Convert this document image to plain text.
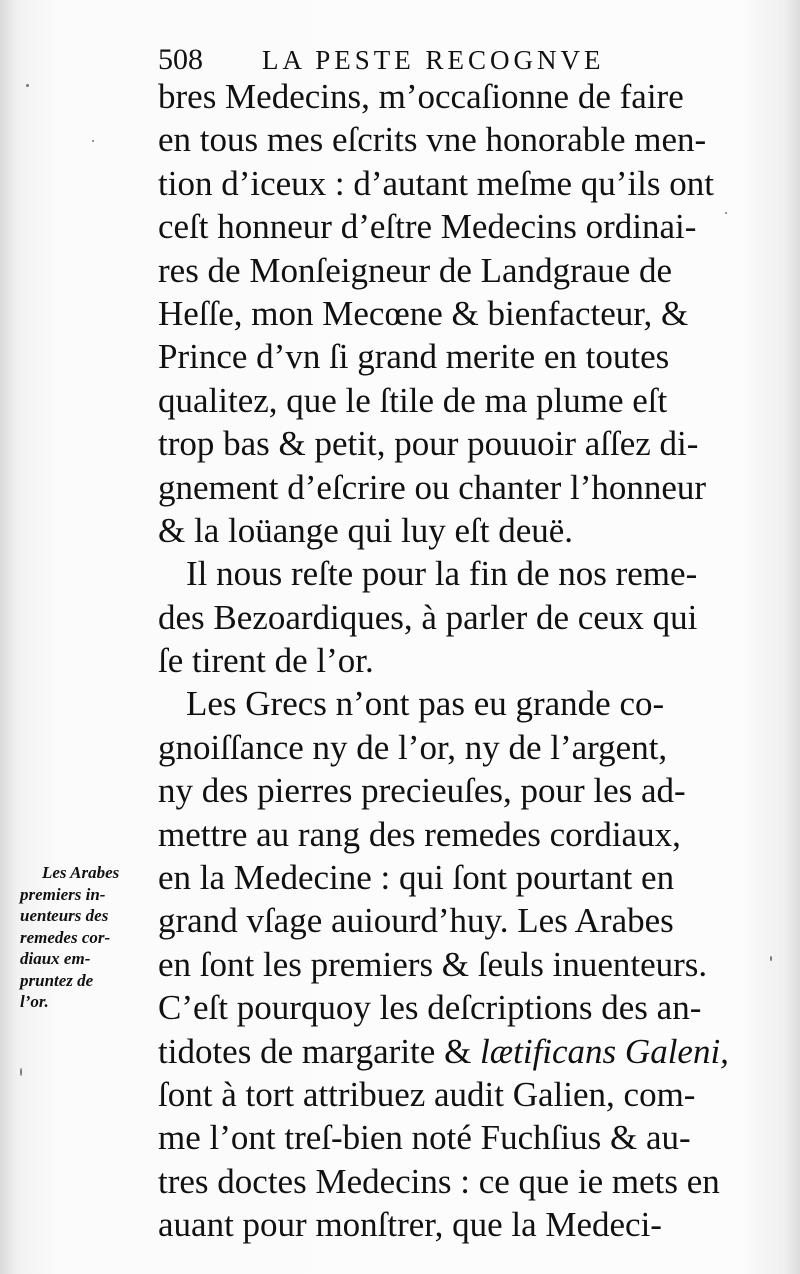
508 LA PESTE RECOGNVE
bres Medecins, m’occaſionne de faire
en tous mes eſcrits vne honorable men-
tion d’iceux : d’autant meſme qu’ils ont
ceſt honneur d’eſtre Medecins ordinai-
res de Monſeigneur de Landgraue de
Heſſe, mon Mecœne & bienfacteur, &
Prince d’vn ſi grand merite en toutes
qualitez, que le ſtile de ma plume eſt
trop bas & petit, pour pouuoir aſſez di-
gnement d’eſcrire ou chanter l’honneur
& la loüange qui luy eſt deuë.
Il nous reſte pour la fin de nos reme-
des Bezoardiques, à parler de ceux qui
ſe tirent de l’or.
Les Grecs n’ont pas eu grande co-
gnoiſſance ny de l’or, ny de l’argent,
ny des pierres precieuſes, pour les ad-
mettre au rang des remedes cordiaux,
en la Medecine : qui ſont pourtant en
grand vſage auiourd’huy. Les Arabes
en ſont les premiers & ſeuls inuenteurs.
C’eſt pourquoy les deſcriptions des an-
tidotes de margarite & lætificans Galeni,
ſont à tort attribuez audit Galien, com-
me l’ont treſ-bien noté Fuchſius & au-
tres doctes Medecins : ce que ie mets en
auant pour monſtrer, que la Medeci-
Les Arabes
premiers in-
uenteurs des
remedes cor-
diaux em-
pruntez de
l’or.
